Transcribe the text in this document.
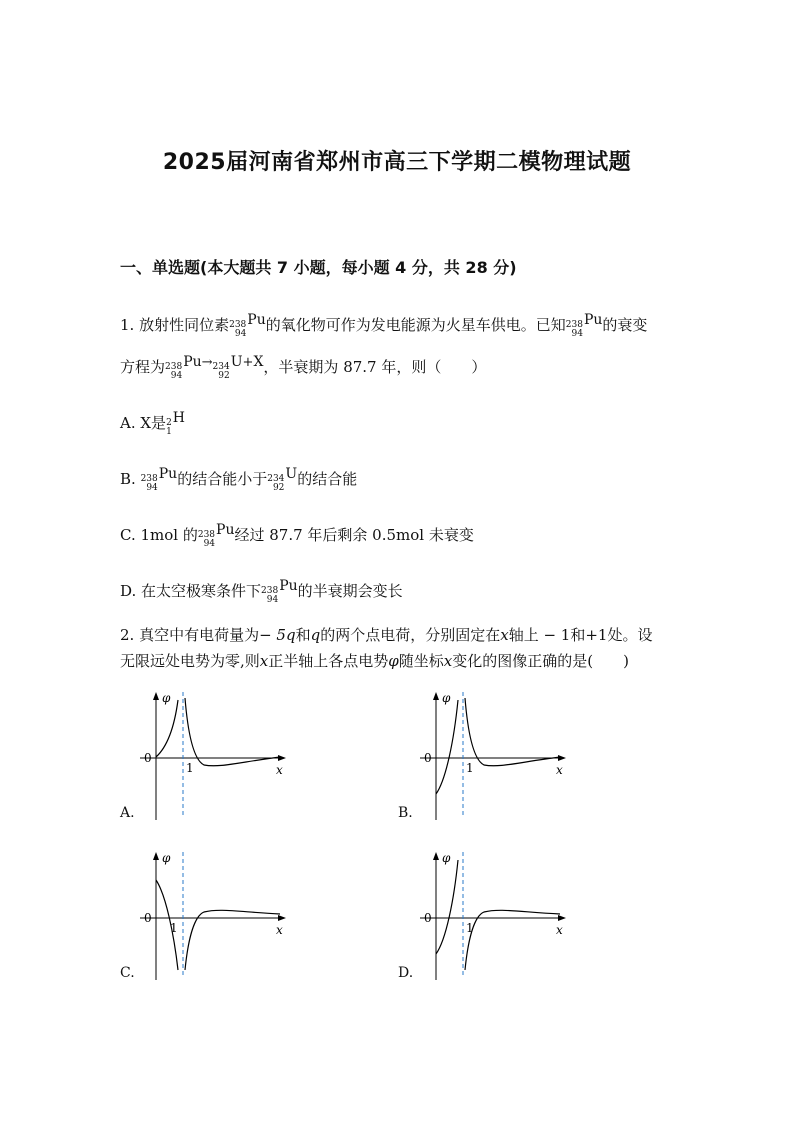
2025届河南省郑州市高三下学期二模物理试题
一、单选题(本大题共 7 小题，每小题 4 分，共 28 分)
1. 放射性同位素 238
94
Pu的氧化物可作为发电能源为火星车供电。已知 238
94
Pu的衰变
方程为 238
94
Pu→ 234
92
U+X，半衰期为 87.7 年，则（　　）
A. X是 2
1
H
B. 238
94
Pu的结合能小于 234
92
U的结合能
C. 1mol 的 238
94
Pu经过 87.7 年后剩余 0.5mol 未衰变
D. 在太空极寒条件下 238
94
Pu的半衰期会变长
2. 真空中有电荷量为− 5q和q的两个点电荷，分别固定在x轴上 − 1和+1处。设
无限远处电势为零,则x正半轴上各点电势φ随坐标x变化的图像正确的是(　　)
0
φ
x
1
A.
0
φ
x
1
B.
0
φ
x
1
C.
0
φ
x
1
D.
